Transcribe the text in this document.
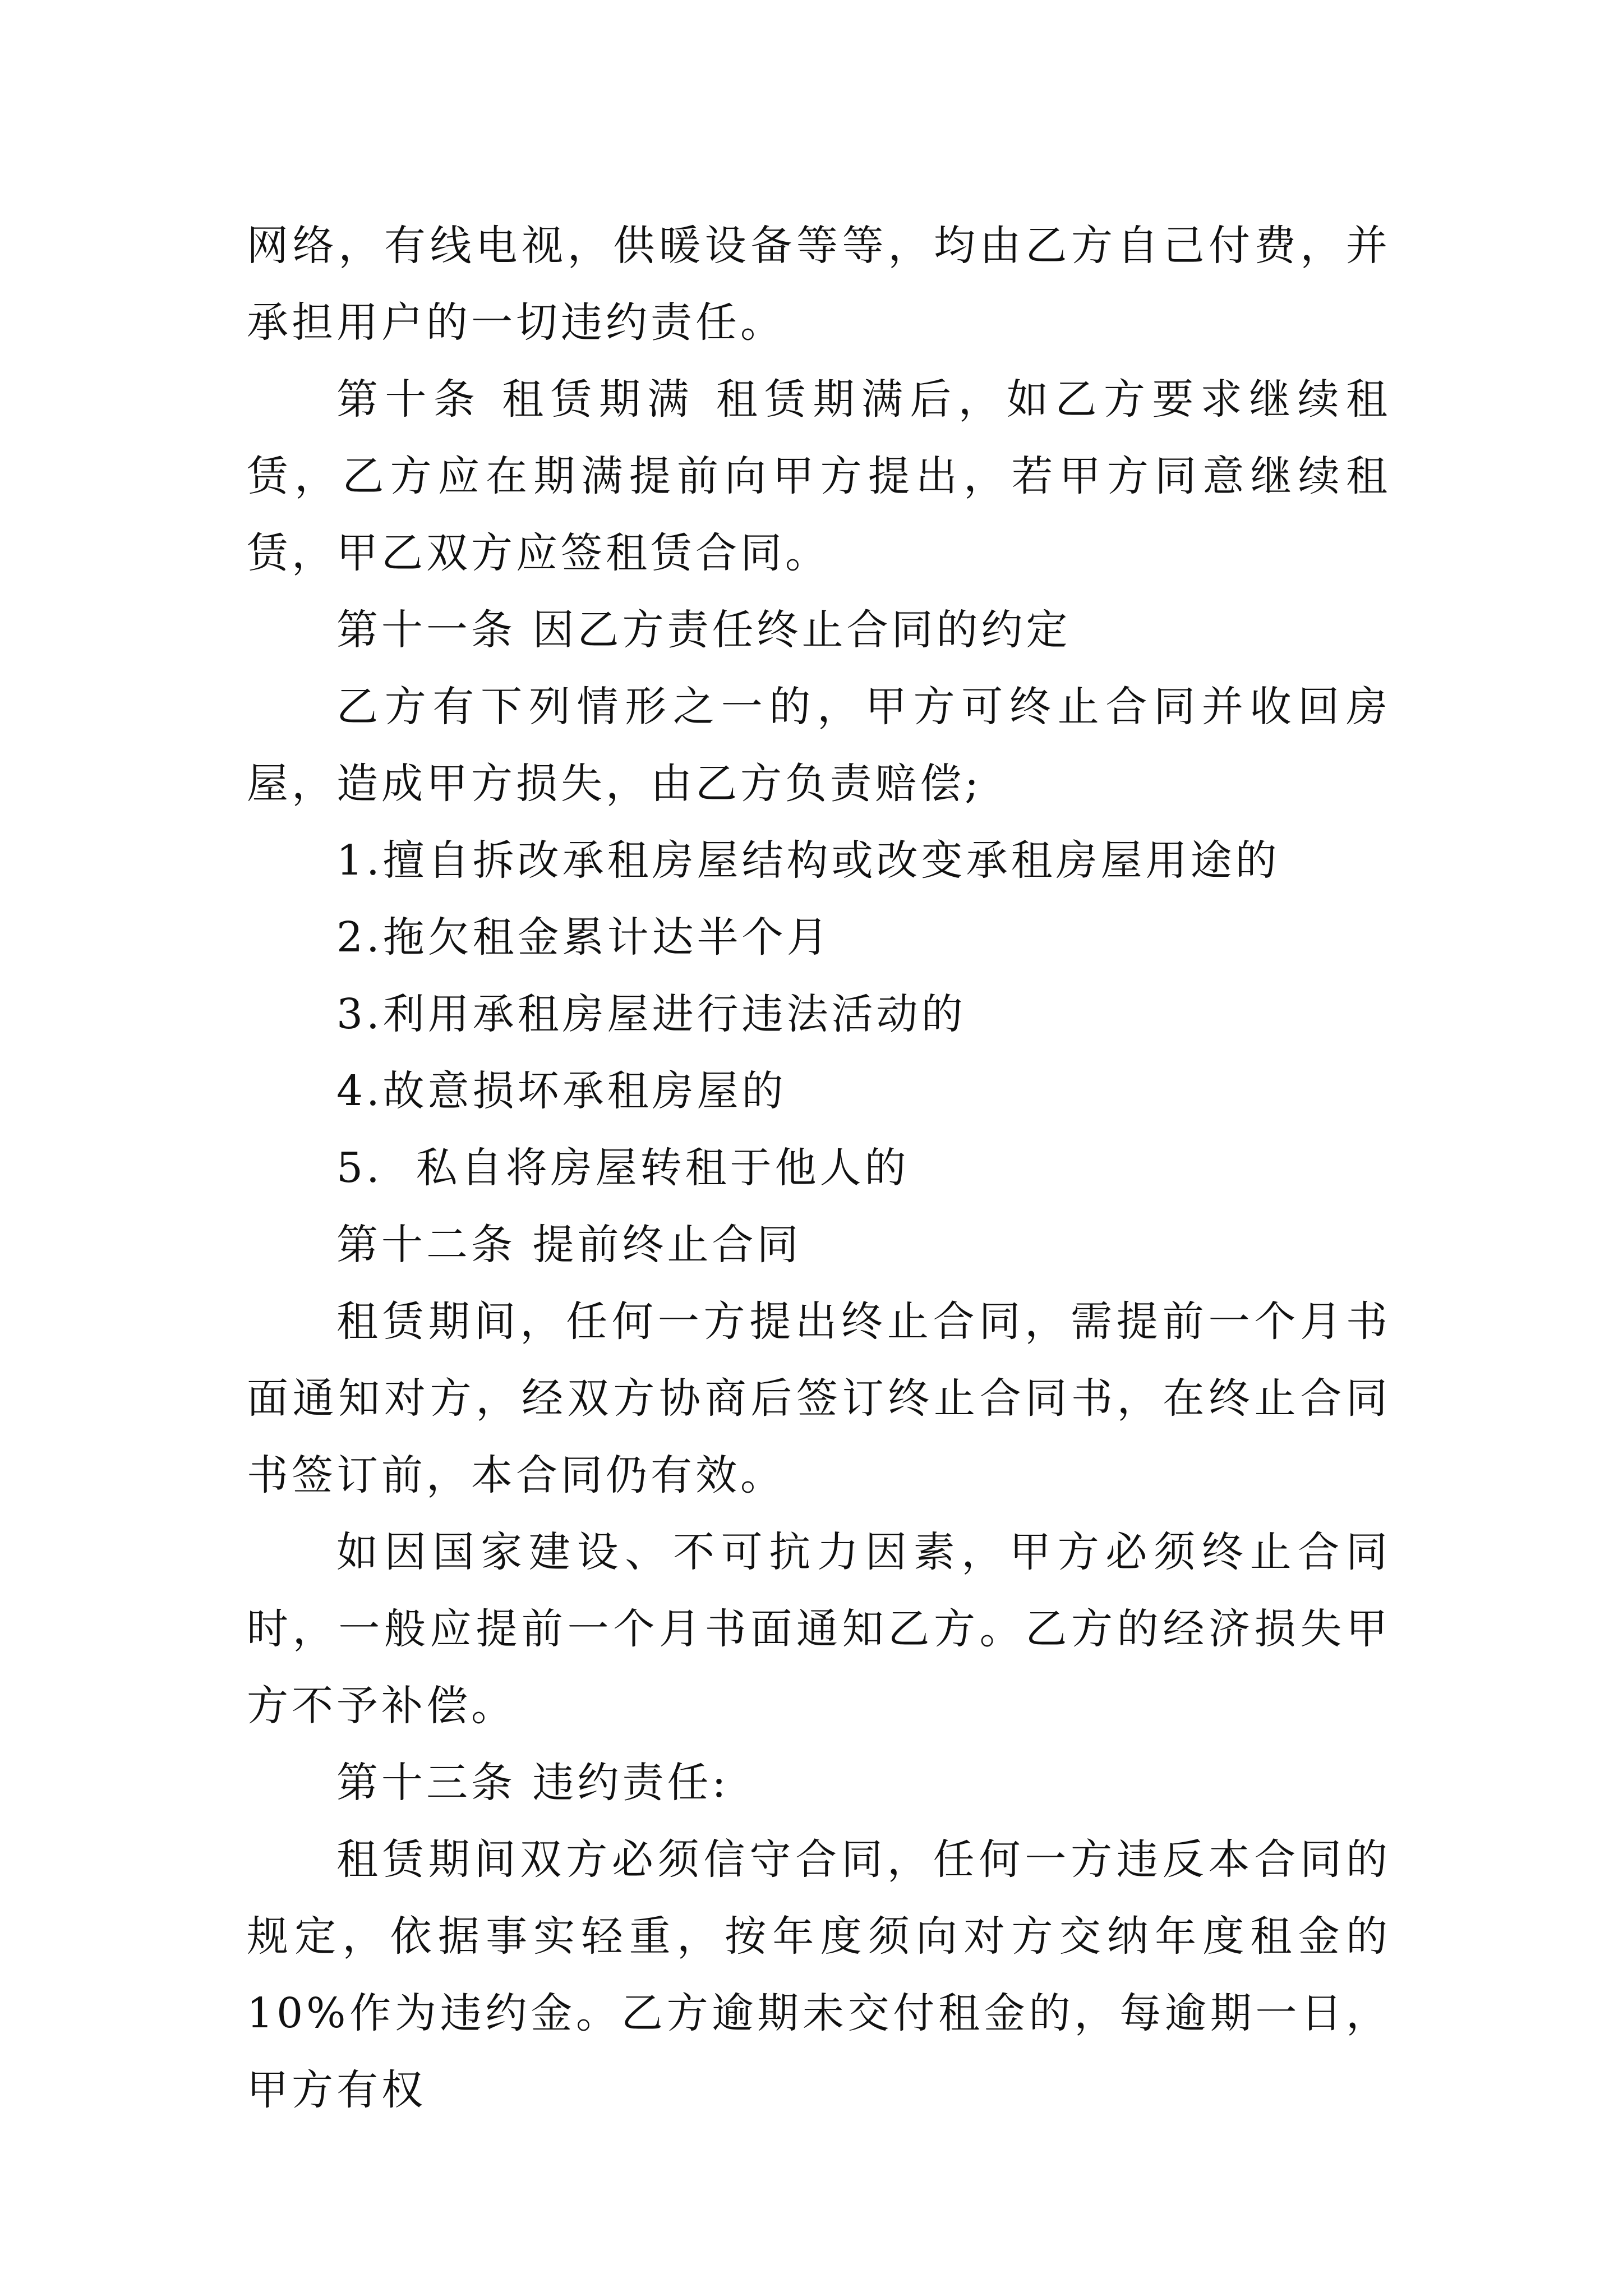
网络，有线电视，供暖设备等等，均由乙方自己付费，并承担用户的一切违约责任。

第十条 租赁期满 租赁期满后，如乙方要求继续租赁，乙方应在期满提前向甲方提出，若甲方同意继续租赁，甲乙双方应签租赁合同。

第十一条 因乙方责任终止合同的约定

乙方有下列情形之一的，甲方可终止合同并收回房屋，造成甲方损失，由乙方负责赔偿;

1.擅自拆改承租房屋结构或改变承租房屋用途的

2.拖欠租金累计达半个月

3.利用承租房屋进行违法活动的

4.故意损坏承租房屋的

5.  私自将房屋转租于他人的

第十二条 提前终止合同

租赁期间，任何一方提出终止合同，需提前一个月书面通知对方，经双方协商后签订终止合同书，在终止合同书签订前，本合同仍有效。

如因国家建设、不可抗力因素，甲方必须终止合同时，一般应提前一个月书面通知乙方。乙方的经济损失甲方不予补偿。

第十三条 违约责任:

租赁期间双方必须信守合同，任何一方违反本合同的规定，依据事实轻重，按年度须向对方交纳年度租金的10%作为违约金。乙方逾期未交付租金的，每逾期一日，甲方有权
